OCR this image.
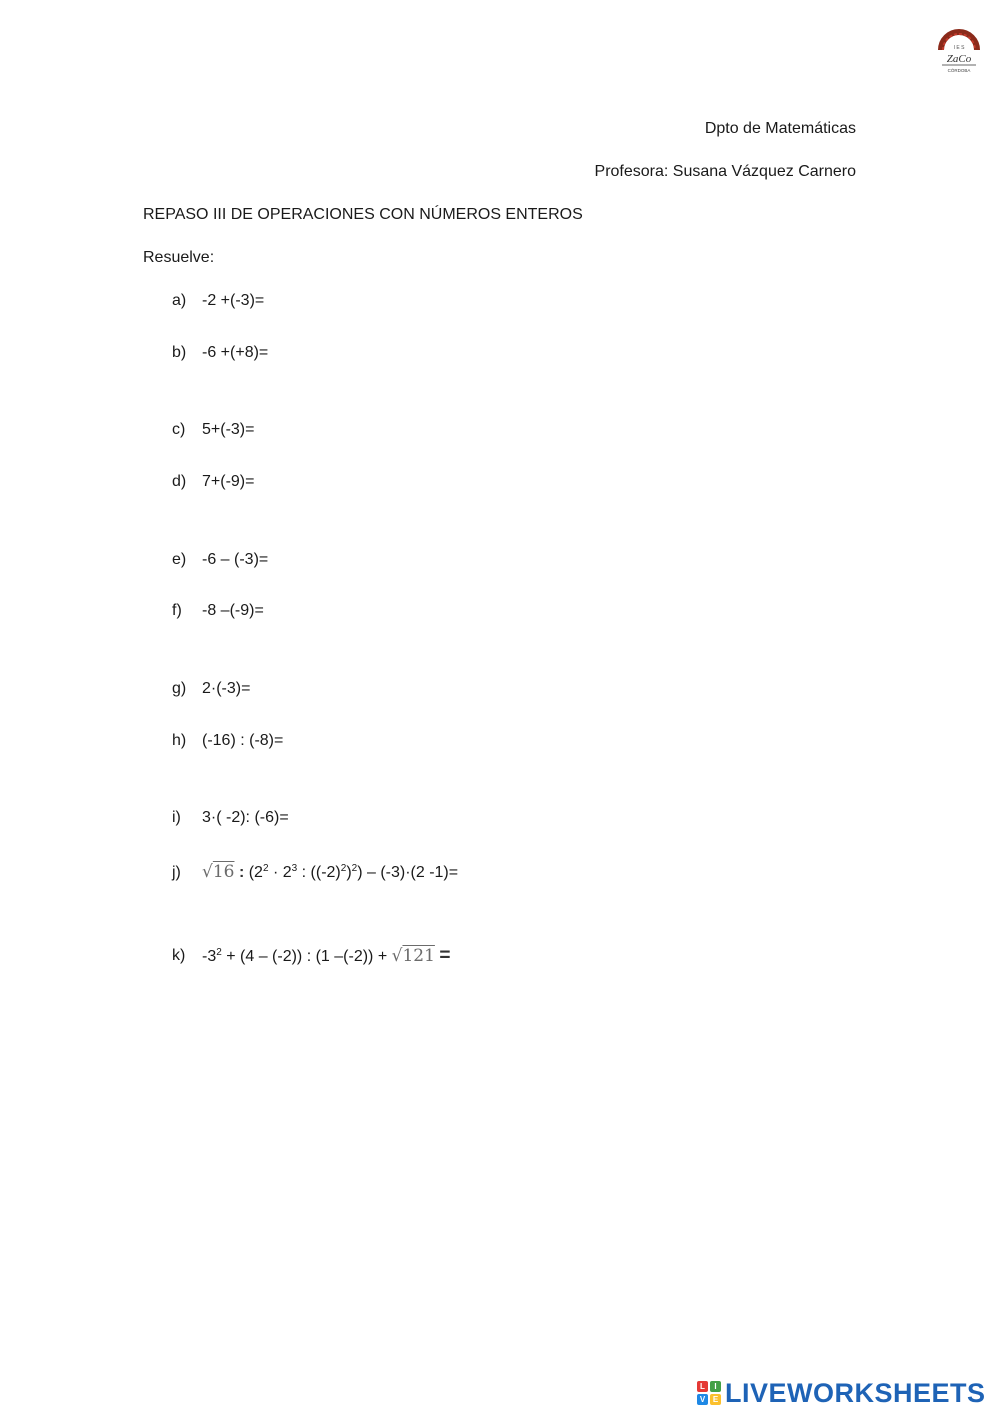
I E S
ZaCo
CÓRDOBA
Dpto de Matemáticas
Profesora: Susana Vázquez Carnero
REPASO III DE OPERACIONES CON NÚMEROS ENTEROS
Resuelve:
a) -2 +(-3)=
b) -6 +(+8)=
c) 5+(-3)=
d) 7+(-9)=
e) -6 – (-3)=
f) -8 –(-9)=
g) 2·(-3)=
h) (-16) : (-8)=
i) 3·( -2): (-6)=
j) √16 : ($2^2 \cdot 2^3$ : $((-2)^2)^2) - (-3)\cdot(2$ -1)=
k) $-3^2 + (4 - (-2))$ : (1 –(-2)) + √121 =
L	I
V E LIVEWORKSHEETS
